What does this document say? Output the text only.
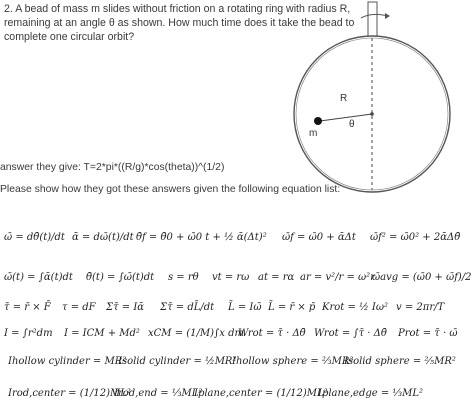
2. A bead of mass m slides without friction on a rotating ring with radius R, remaining at an angle θ as shown. How much time does it take the bead to complete one circular orbit?
R
θ
m
answer they give: T=2*pi*((R/g)*cos(theta))^(1/2)
Please show how they got these answers given the following equation list:
ω̄ = dθ̄(t)/dt ᾱ = dω̄(t)/dt θ̄f = θ̄0 + ω̄0 t + ½ ᾱ(Δt)² ω̄f = ω̄0 + ᾱΔt ω̄f² = ω̄0² + 2ᾱΔθ̄
ω̄(t) = ∫ᾱ(t)dt θ̄(t) = ∫ω̄(t)dt s = rθ vt = rω at = rα ar = v²/r = ω²r
ω̄avg = (ω̄0 + ω̄f)/2
τ̄ = r̄ × F̄ τ = dF Στ̄ = Iᾱ Στ̄ = dL̄/dt L̄ = Iω̄ L̄ = r̄ × p̄ Krot = ½ Iω² v = 2πr/T
I = ∫r²dm I = ICM + Md² xCM = (1/M)∫x dm
Wrot = τ̄ · Δθ̄ Wrot = ∫τ̄ · Δθ̄ Prot = τ̄ · ω̄
Ihollow cylinder = MR²
Isolid cylinder = ½MR²
Ihollow sphere = ⅔MR²
Isolid sphere = ⅖MR²
Irod,center = (1/12)ML²
Irod,end = ⅓ML²
Iplane,center = (1/12)ML²
Iplane,edge = ⅓ML²
